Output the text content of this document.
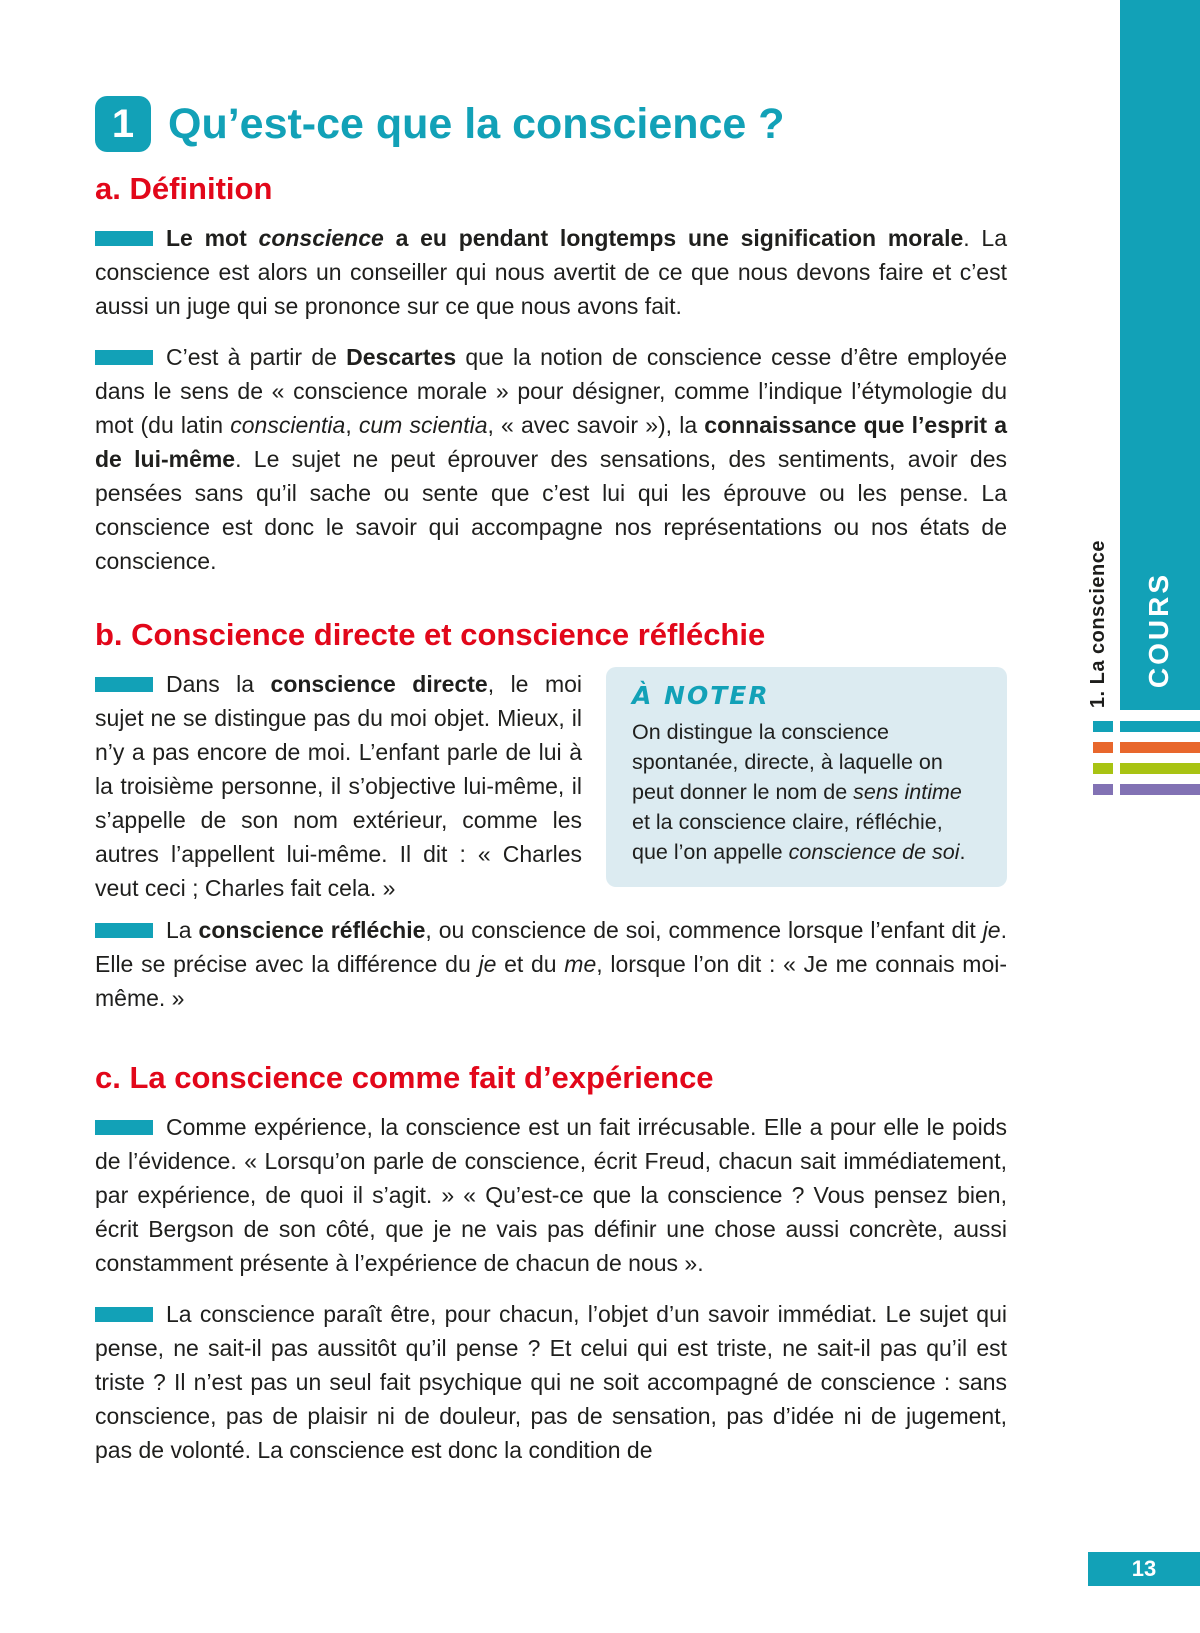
COURS
1. La conscience
13
1 Qu’est-ce que la conscience ?
a. Définition

Le mot conscience a eu pendant longtemps une signification morale. La conscience est alors un conseiller qui nous avertit de ce que nous devons faire et c’est aussi un juge qui se prononce sur ce que nous avons fait.

C’est à partir de Descartes que la notion de conscience cesse d’être employée dans le sens de « conscience morale » pour désigner, comme l’indique l’étymologie du mot (du latin conscientia, cum scientia, « avec savoir »), la connaissance que l’esprit a de lui-même. Le sujet ne peut éprouver des sensations, des sentiments, avoir des pensées sans qu’il sache ou sente que c’est lui qui les éprouve ou les pense. La conscience est donc le savoir qui accompagne nos représentations ou nos états de conscience.

b. Conscience directe et conscience réfléchie

Dans la conscience directe, le moi sujet ne se distingue pas du moi objet. Mieux, il n’y a pas encore de moi. L’enfant parle de lui à la troisième personne, il s’objective lui-même, il s’appelle de son nom extérieur, comme les autres l’appellent lui-même. Il dit : « Charles veut ceci ; Charles fait cela. »

À NOTER

On distingue la conscience spontanée, directe, à laquelle on peut donner le nom de sens intime et la conscience claire, réfléchie, que l’on appelle conscience de soi.

La conscience réfléchie, ou conscience de soi, commence lorsque l’enfant dit je. Elle se précise avec la différence du je et du me, lorsque l’on dit : « Je me connais moi-même. »

c. La conscience comme fait d’expérience

Comme expérience, la conscience est un fait irrécusable. Elle a pour elle le poids de l’évidence. « Lorsqu’on parle de conscience, écrit Freud, chacun sait immédiatement, par expérience, de quoi il s’agit. » « Qu’est-ce que la conscience ? Vous pensez bien, écrit Bergson de son côté, que je ne vais pas définir une chose aussi concrète, aussi constamment présente à l’expérience de chacun de nous ».

La conscience paraît être, pour chacun, l’objet d’un savoir immédiat. Le sujet qui pense, ne sait-il pas aussitôt qu’il pense ? Et celui qui est triste, ne sait-il pas qu’il est triste ? Il n’est pas un seul fait psychique qui ne soit accompagné de conscience : sans conscience, pas de plaisir ni de douleur, pas de sensation, pas d’idée ni de jugement, pas de volonté. La conscience est donc la condition de
